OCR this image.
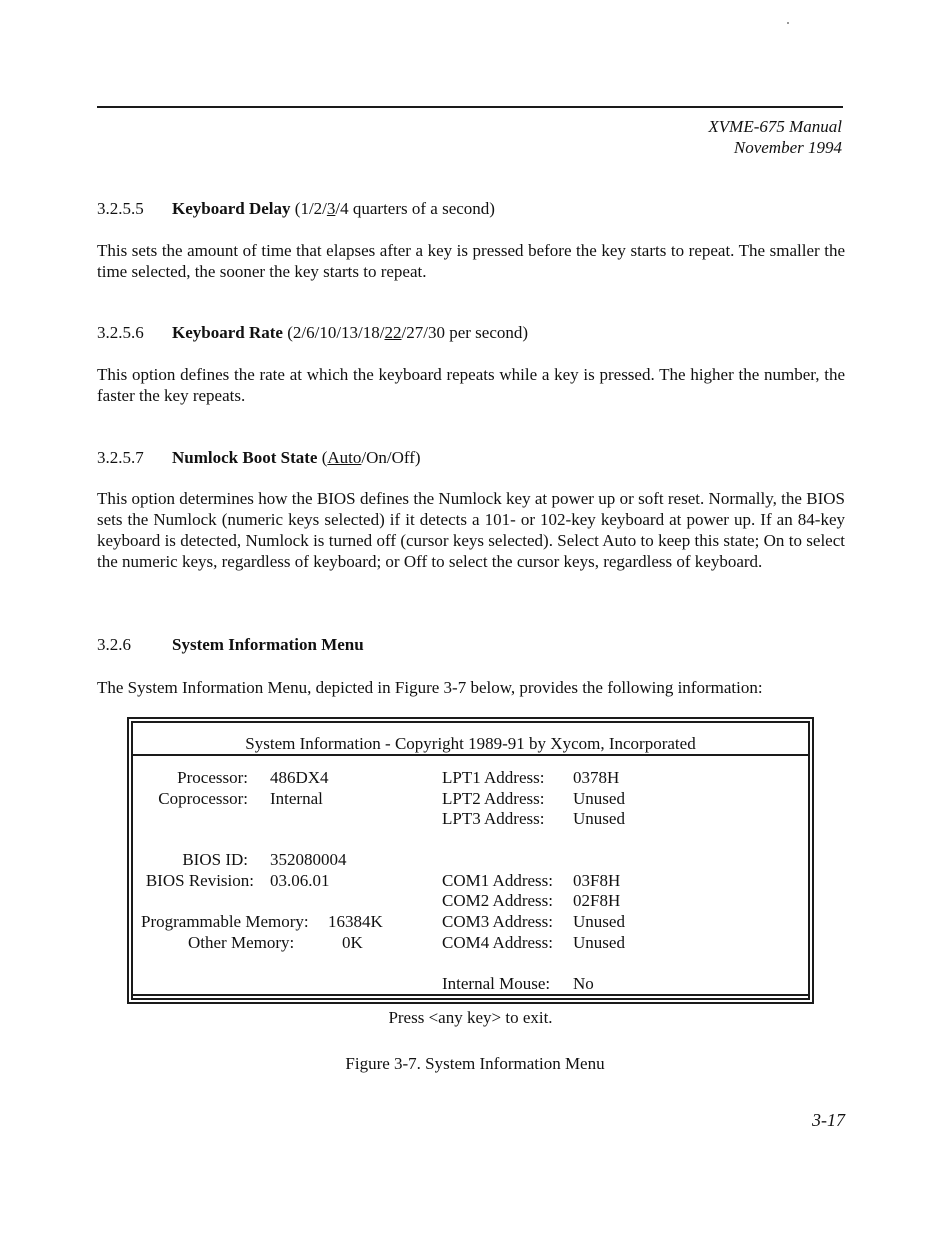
XVME-675 Manual
November 1994
3.2.5.5 Keyboard Delay (1/2/3/4 quarters of a second)
This sets the amount of time that elapses after a key is pressed before the key starts to repeat. The smaller the time selected, the sooner the key starts to repeat.
3.2.5.6 Keyboard Rate (2/6/10/13/18/22/27/30 per second)
This option defines the rate at which the keyboard repeats while a key is pressed. The higher the number, the faster the key repeats.
3.2.5.7 Numlock Boot State (Auto/On/Off)
This option determines how the BIOS defines the Numlock key at power up or soft reset. Normally, the BIOS sets the Numlock (numeric keys selected) if it detects a 101- or 102-key keyboard at power up. If an 84-key keyboard is detected, Numlock is turned off (cursor keys selected). Select Auto to keep this state; On to select the numeric keys, regardless of keyboard; or Off to select the cursor keys, regardless of keyboard.
3.2.6 System Information Menu
The System Information Menu, depicted in Figure 3-7 below, provides the following information:
System Information - Copyright 1989-91 by Xycom, Incorporated
Processor: 486DX4
Coprocessor: Internal
BIOS ID: 352080004
BIOS Revision: 03.06.01
Programmable Memory: 16384K
Other Memory:	0K
LPT1 Address: 0378H
LPT2 Address: Unused
LPT3 Address: Unused
COM1 Address: 03F8H
COM2 Address: 02F8H
COM3 Address: Unused
COM4 Address: Unused
Internal Mouse: No
Press <any key> to exit.
Figure 3-7. System Information Menu
3-17
